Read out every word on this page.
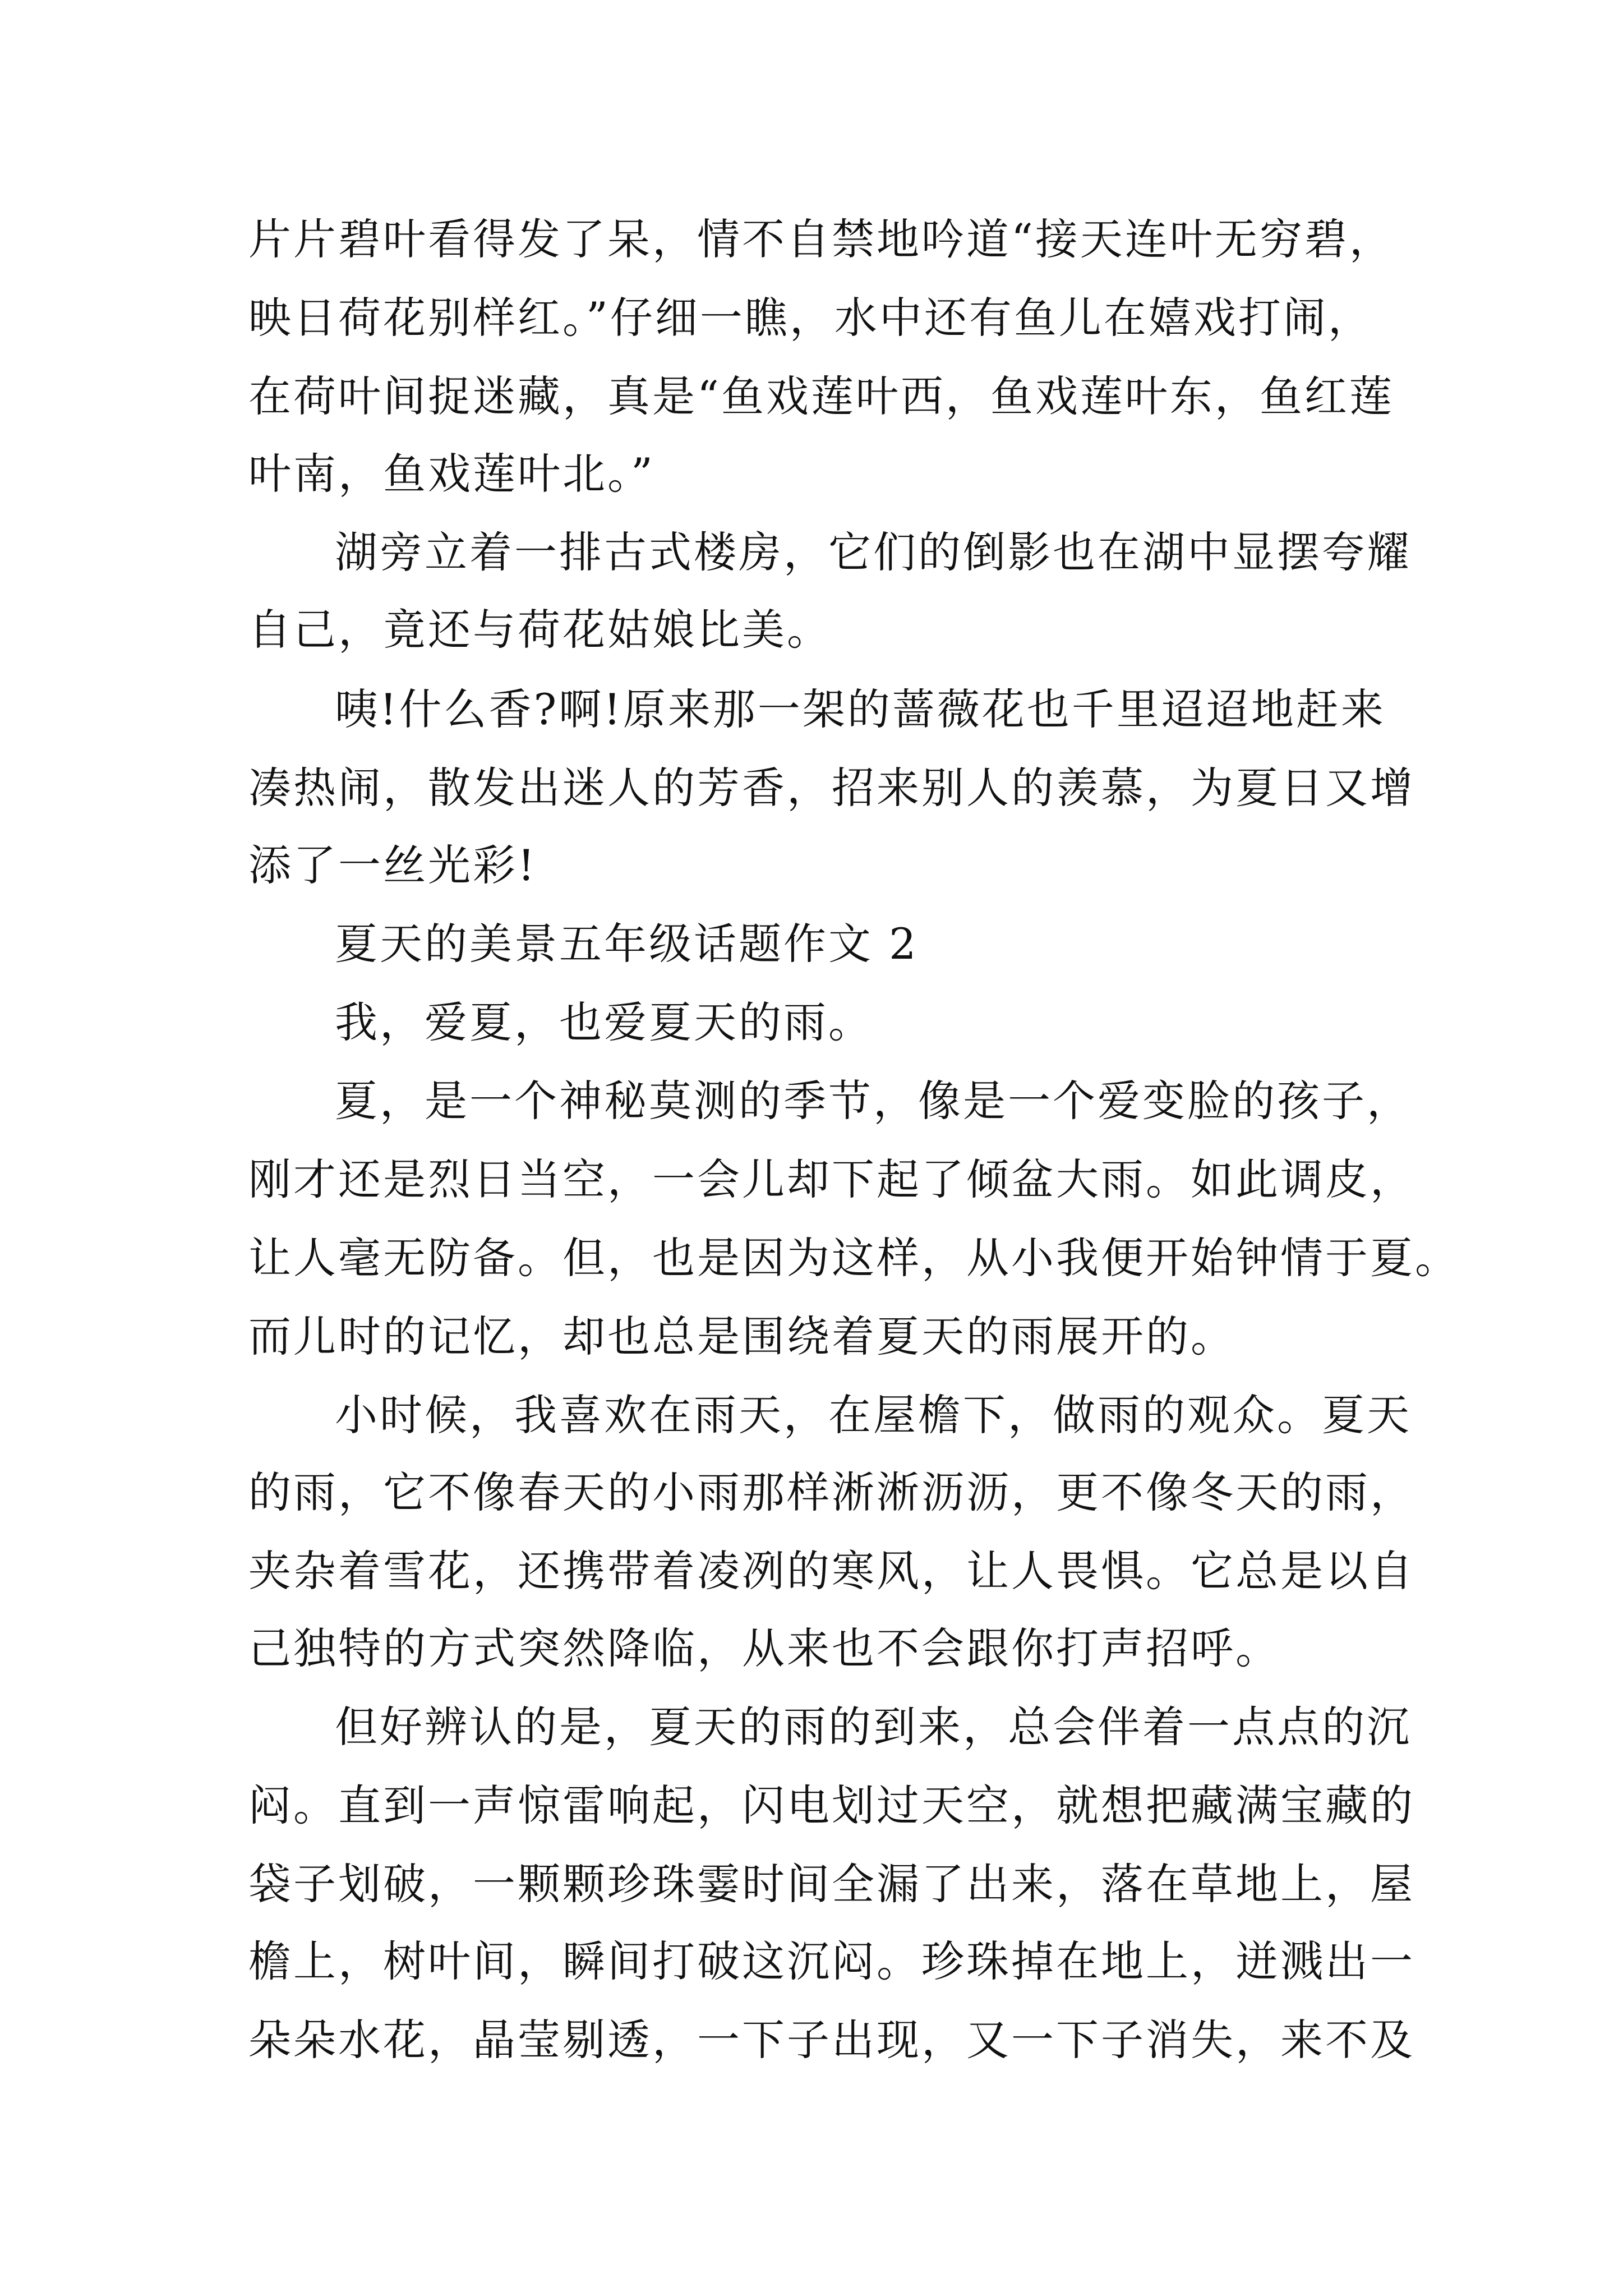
片片碧叶看得发了呆，情不自禁地吟道“接天连叶无穷碧，
映日荷花别样红。”仔细一瞧，水中还有鱼儿在嬉戏打闹，
在荷叶间捉迷藏，真是“鱼戏莲叶西，鱼戏莲叶东，鱼红莲
叶南，鱼戏莲叶北。”
湖旁立着一排古式楼房，它们的倒影也在湖中显摆夸耀
自己，竟还与荷花姑娘比美。
咦!什么香?啊!原来那一架的蔷薇花也千里迢迢地赶来
凑热闹，散发出迷人的芳香，招来别人的羡慕，为夏日又增
添了一丝光彩!
夏天的美景五年级话题作文 2
我，爱夏，也爱夏天的雨。
夏，是一个神秘莫测的季节，像是一个爱变脸的孩子，
刚才还是烈日当空，一会儿却下起了倾盆大雨。如此调皮，
让人毫无防备。但，也是因为这样，从小我便开始钟情于夏。
而儿时的记忆，却也总是围绕着夏天的雨展开的。
小时候，我喜欢在雨天，在屋檐下，做雨的观众。夏天
的雨，它不像春天的小雨那样淅淅沥沥，更不像冬天的雨，
夹杂着雪花，还携带着凌冽的寒风，让人畏惧。它总是以自
己独特的方式突然降临，从来也不会跟你打声招呼。
但好辨认的是，夏天的雨的到来，总会伴着一点点的沉
闷。直到一声惊雷响起，闪电划过天空，就想把藏满宝藏的
袋子划破，一颗颗珍珠霎时间全漏了出来，落在草地上，屋
檐上，树叶间，瞬间打破这沉闷。珍珠掉在地上，迸溅出一
朵朵水花，晶莹剔透，一下子出现，又一下子消失，来不及
